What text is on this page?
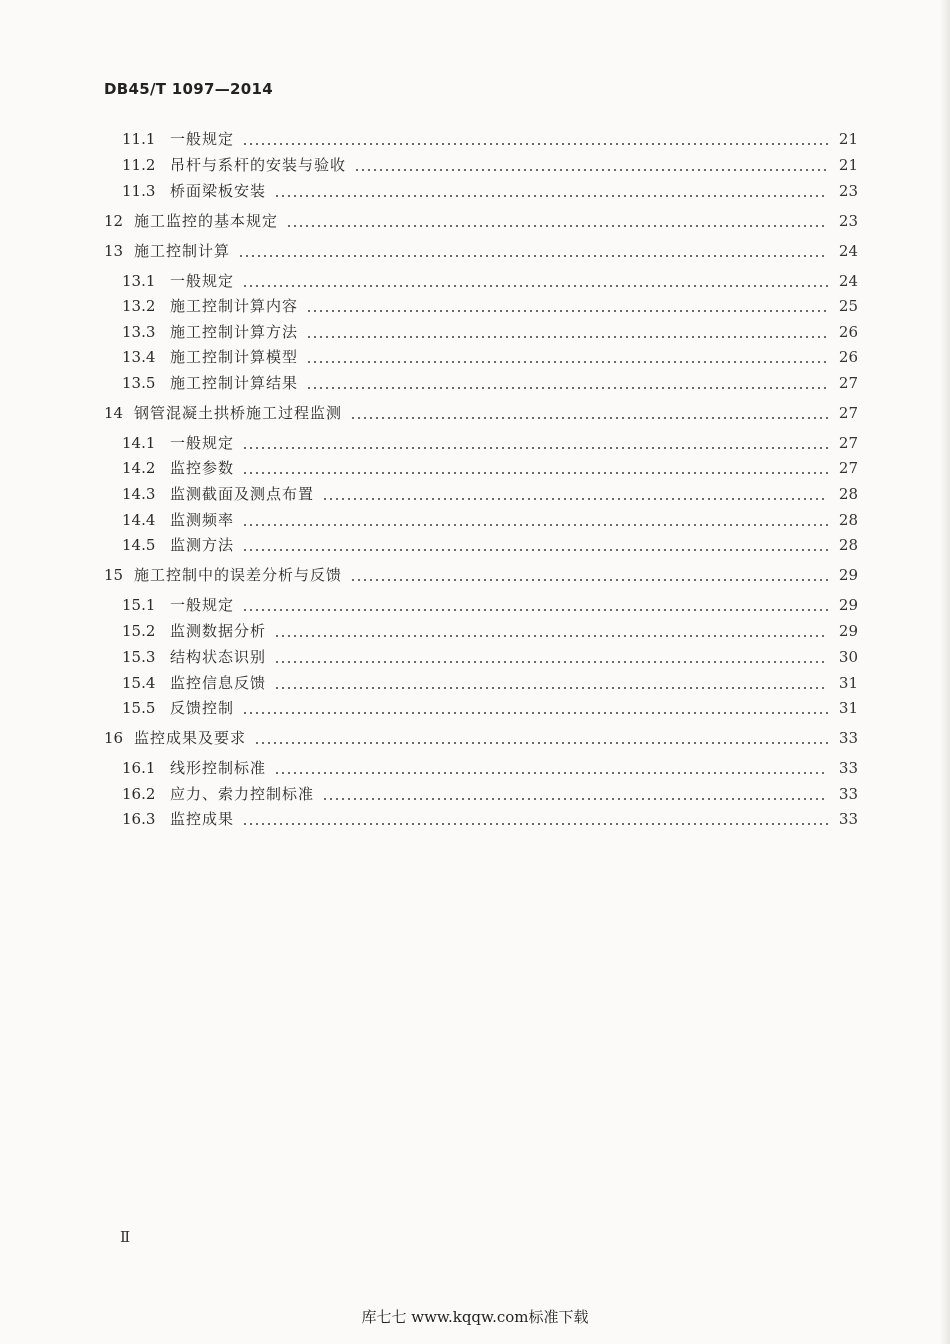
DB45/T 1097—2014
11.1 一般规定	21
11.2 吊杆与系杆的安装与验收	21
11.3 桥面梁板安装	23
12 施工监控的基本规定	23
13 施工控制计算	24
13.1 一般规定	24
13.2 施工控制计算内容	25
13.3 施工控制计算方法	26
13.4 施工控制计算模型	26
13.5 施工控制计算结果	27
14 钢管混凝土拱桥施工过程监测	27
14.1 一般规定	27
14.2 监控参数	27
14.3 监测截面及测点布置	28
14.4 监测频率	28
14.5 监测方法	28
15 施工控制中的误差分析与反馈	29
15.1 一般规定	29
15.2 监测数据分析	29
15.3 结构状态识别	30
15.4 监控信息反馈	31
15.5 反馈控制	31
16 监控成果及要求	33
16.1 线形控制标准	33
16.2 应力、索力控制标准	33
16.3 监控成果	33
Ⅱ
库七七 www.kqqw.com标准下载
